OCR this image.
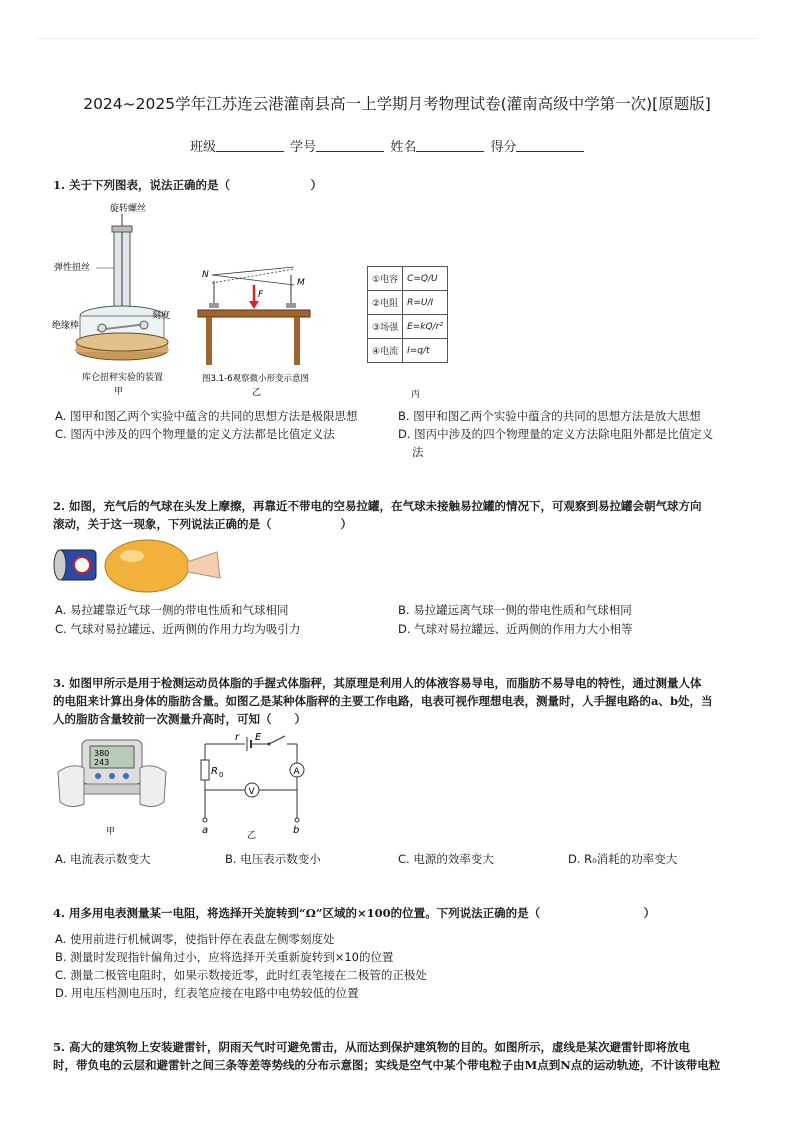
2024~2025学年江苏连云港灌南县高一上学期月考物理试卷(灌南高级中学第一次)[原题版]
班级	学号	姓名	得分
1. 关于下列图表，说法正确的是（　　　　　　　）
旋转螺丝
弹性扭丝
绝缘棒
刻度
库仑扭秤实验的装置
甲
N
M
F
图3.1-6观察微小形变示意图
乙
①电容	C=Q/U
②电阻	R=U/I
③场强	E=kQ/r²
④电流	I=q/t
丙
A. 图甲和图乙两个实验中蕴含的共同的思想方法是极限思想	B. 图甲和图乙两个实验中蕴含的共同的思想方法是放大思想
C. 图丙中涉及的四个物理量的定义方法都是比值定义法	D. 图丙中涉及的四个物理量的定义方法除电阻外都是比值定义
法
2. 如图，充气后的气球在头发上摩擦，再靠近不带电的空易拉罐，在气球未接触易拉罐的情况下，可观察到易拉罐会朝气球方向
滚动，关于这一现象，下列说法正确的是（　　　　　　）
A. 易拉罐靠近气球一侧的带电性质和气球相同	B. 易拉罐远离气球一侧的带电性质和气球相同
C. 气球对易拉罐远、近两侧的作用力均为吸引力	D. 气球对易拉罐远、近两侧的作用力大小相等
3. 如图甲所示是用于检测运动员体脂的手握式体脂秤，其原理是利用人的体液容易导电，而脂肪不易导电的特性，通过测量人体
的电阻来计算出身体的脂肪含量。如图乙是某种体脂秤的主要工作电路，电表可视作理想电表，测量时，人手握电路的a、b处，当
人的脂肪含量较前一次测量升高时，可知（　　）
380
243
甲
r E
R 0	A
V
a	b
乙
A. 电流表示数变大	B. 电压表示数变小	C. 电源的效率变大	D. R₀消耗的功率变大
4. 用多用电表测量某一电阻，将选择开关旋转到“Ω”区域的×100的位置。下列说法正确的是（　　　　　　　　　）
A. 使用前进行机械调零，使指针停在表盘左侧零刻度处
B. 测量时发现指针偏角过小，应将选择开关重新旋转到×10的位置
C. 测量二极管电阻时，如果示数接近零，此时红表笔接在二极管的正极处
D. 用电压档测电压时，红表笔应接在电路中电势较低的位置
5. 高大的建筑物上安装避雷针，阴雨天气时可避免雷击，从而达到保护建筑物的目的。如图所示，虚线是某次避雷针即将放电
时，带负电的云层和避雷针之间三条等差等势线的分布示意图；实线是空气中某个带电粒子由M点到N点的运动轨迹，不计该带电粒
